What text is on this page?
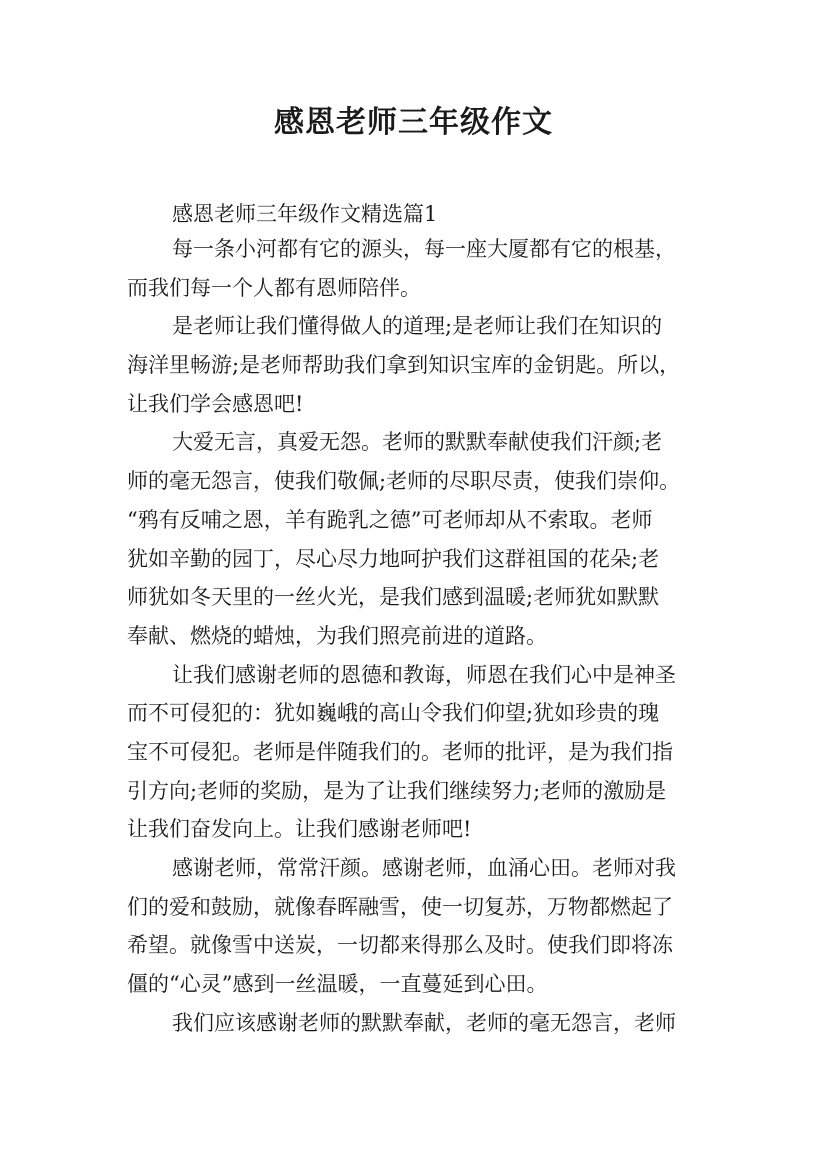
感恩老师三年级作文
感恩老师三年级作文精选篇1

每一条小河都有它的源头，每一座大厦都有它的根基，
而我们每一个人都有恩师陪伴。

是老师让我们懂得做人的道理;是老师让我们在知识的
海洋里畅游;是老师帮助我们拿到知识宝库的金钥匙。所以，
让我们学会感恩吧!

大爱无言，真爱无怨。老师的默默奉献使我们汗颜;老
师的毫无怨言，使我们敬佩;老师的尽职尽责，使我们崇仰。
“鸦有反哺之恩，羊有跪乳之德”可老师却从不索取。老师
犹如辛勤的园丁，尽心尽力地呵护我们这群祖国的花朵;老
师犹如冬天里的一丝火光，是我们感到温暖;老师犹如默默
奉献、燃烧的蜡烛，为我们照亮前进的道路。

让我们感谢老师的恩德和教诲，师恩在我们心中是神圣
而不可侵犯的：犹如巍峨的高山令我们仰望;犹如珍贵的瑰
宝不可侵犯。老师是伴随我们的。老师的批评，是为我们指
引方向;老师的奖励，是为了让我们继续努力;老师的激励是
让我们奋发向上。让我们感谢老师吧!

感谢老师，常常汗颜。感谢老师，血涌心田。老师对我
们的爱和鼓励，就像春晖融雪，使一切复苏，万物都燃起了
希望。就像雪中送炭，一切都来得那么及时。使我们即将冻
僵的“心灵”感到一丝温暖，一直蔓延到心田。

我们应该感谢老师的默默奉献，老师的毫无怨言，老师
